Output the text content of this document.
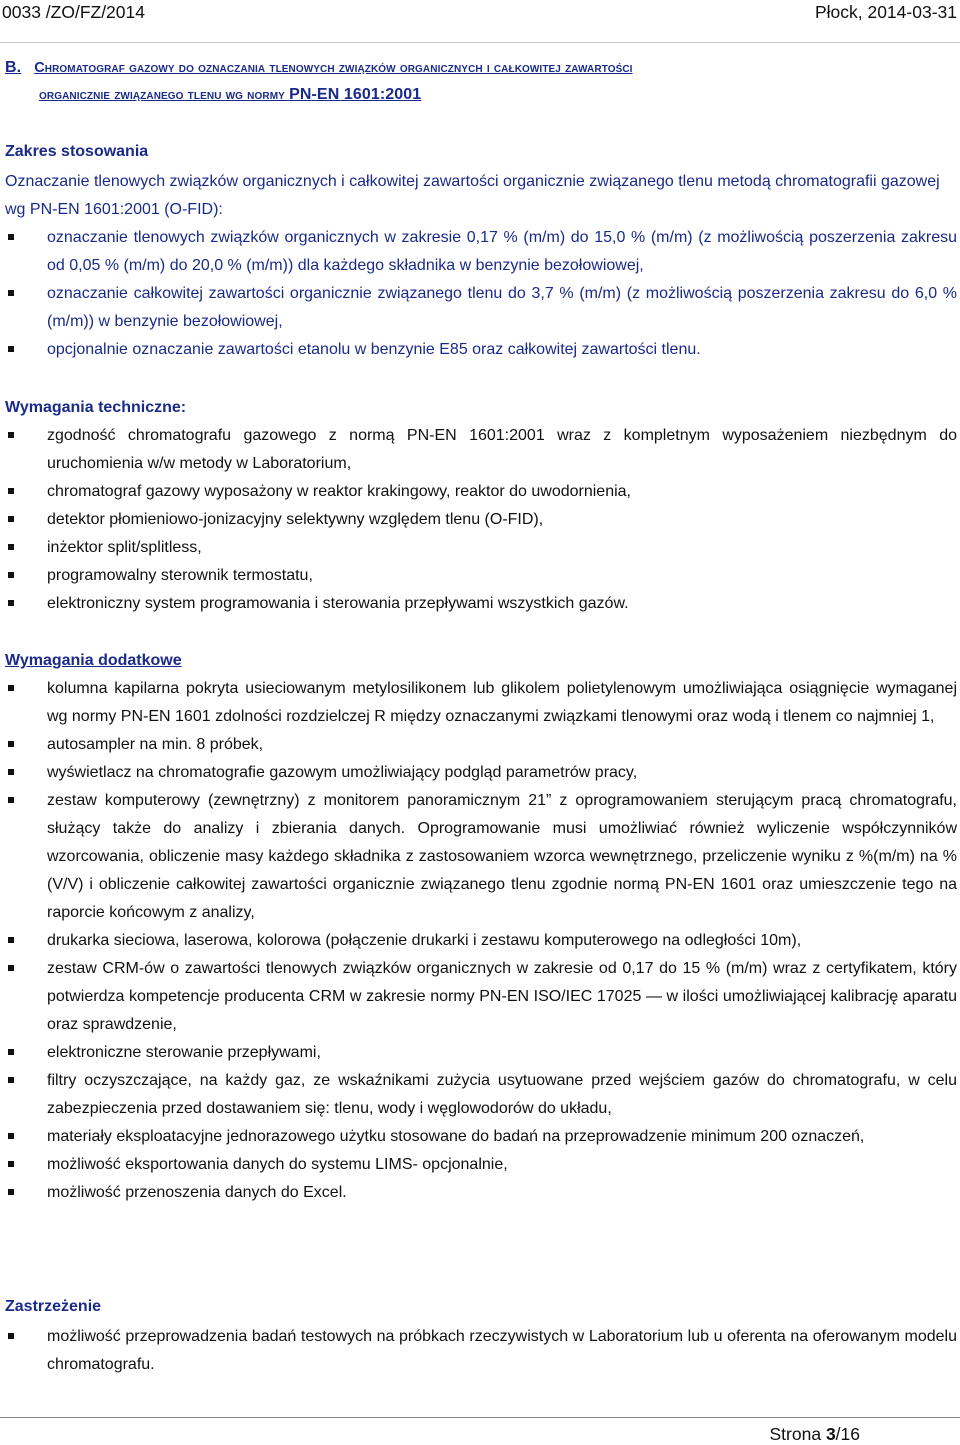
0033 /ZO/FZ/2014	Płock, 2014-03-31
B. Chromatograf gazowy do oznaczania tlenowych związków organicznych i całkowitej zawartości
organicznie związanego tlenu wg normy PN-EN 1601:2001
Zakres stosowania
Oznaczanie tlenowych związków organicznych i całkowitej zawartości organicznie związanego tlenu metodą chromatografii gazowej wg PN-EN 1601:2001 (O-FID):
oznaczanie tlenowych związków organicznych w zakresie 0,17 % (m/m) do 15,0 % (m/m) (z możliwością poszerzenia zakresu od 0,05 % (m/m) do 20,0 % (m/m)) dla każdego składnika w benzynie bezołowiowej,
oznaczanie całkowitej zawartości organicznie związanego tlenu do 3,7 % (m/m) (z możliwością poszerzenia zakresu do 6,0 % (m/m)) w benzynie bezołowiowej,
opcjonalnie oznaczanie zawartości etanolu w benzynie E85 oraz całkowitej zawartości tlenu.
Wymagania techniczne:
zgodność chromatografu gazowego z normą PN-EN 1601:2001 wraz z kompletnym wyposażeniem niezbędnym do uruchomienia w/w metody w Laboratorium,
chromatograf gazowy wyposażony w reaktor krakingowy, reaktor do uwodornienia,
detektor płomieniowo-jonizacyjny selektywny względem tlenu (O-FID),
inżektor split/splitless,
programowalny sterownik termostatu,
elektroniczny system programowania i sterowania przepływami wszystkich gazów.
Wymagania dodatkowe
kolumna kapilarna pokryta usieciowanym metylosilikonem lub glikolem polietylenowym umożliwiająca osiągnięcie wymaganej wg normy PN-EN 1601 zdolności rozdzielczej R między oznaczanymi związkami tlenowymi oraz wodą i tlenem co najmniej 1,
autosampler na min. 8 próbek,
wyświetlacz na chromatografie gazowym umożliwiający podgląd parametrów pracy,
zestaw komputerowy (zewnętrzny) z monitorem panoramicznym 21” z oprogramowaniem sterującym pracą chromatografu, służący także do analizy i zbierania danych. Oprogramowanie musi umożliwiać również wyliczenie współczynników wzorcowania, obliczenie masy każdego składnika z zastosowaniem wzorca wewnętrznego, przeliczenie wyniku z %(m/m) na %(V/V) i obliczenie całkowitej zawartości organicznie związanego tlenu zgodnie normą PN-EN 1601 oraz umieszczenie tego na raporcie końcowym z analizy,
drukarka sieciowa, laserowa, kolorowa (połączenie drukarki i zestawu komputerowego na odległości 10m),
zestaw CRM-ów o zawartości tlenowych związków organicznych w zakresie od 0,17 do 15 % (m/m) wraz z certyfikatem, który potwierdza kompetencje producenta CRM w zakresie normy PN-EN ISO/IEC 17025 — w ilości umożliwiającej kalibrację aparatu oraz sprawdzenie,
elektroniczne sterowanie przepływami,
filtry oczyszczające, na każdy gaz, ze wskaźnikami zużycia usytuowane przed wejściem gazów do chromatografu, w celu zabezpieczenia przed dostawaniem się: tlenu, wody i węglowodorów do układu,
materiały eksploatacyjne jednorazowego użytku stosowane do badań na przeprowadzenie minimum 200 oznaczeń,
możliwość eksportowania danych do systemu LIMS- opcjonalnie,
możliwość przenoszenia danych do Excel.
Zastrzeżenie
możliwość przeprowadzenia badań testowych na próbkach rzeczywistych w Laboratorium lub u oferenta na oferowanym modelu chromatografu.
Strona 3/16
